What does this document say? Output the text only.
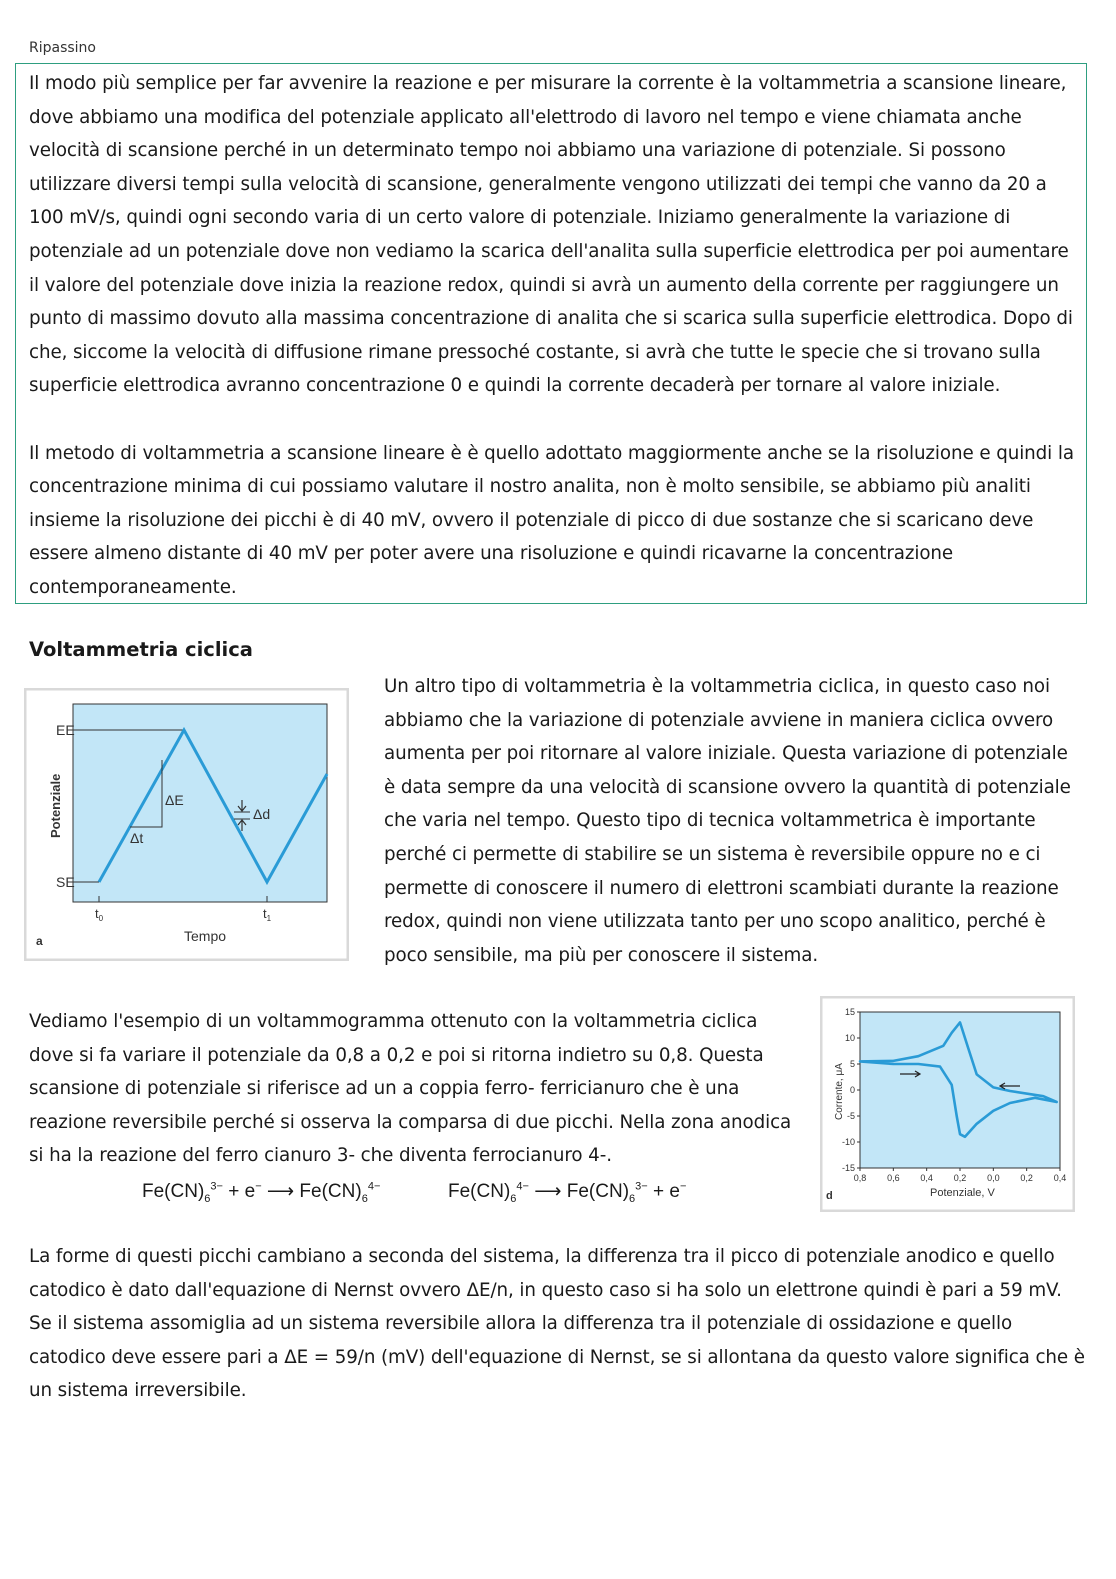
Ripassino

Il modo più semplice per far avvenire la reazione e per misurare la corrente è la voltammetria a scansione lineare, dove abbiamo una modifica del potenziale applicato all'elettrodo di lavoro nel tempo e viene chiamata anche velocità di scansione perché in un determinato tempo noi abbiamo una variazione di potenziale. Si possono utilizzare diversi tempi sulla velocità di scansione, generalmente vengono utilizzati dei tempi che vanno da 20 a 100 mV/s, quindi ogni secondo varia di un certo valore di potenziale. Iniziamo generalmente la variazione di potenziale ad un potenziale dove non vediamo la scarica dell'analita sulla superficie elettrodica per poi aumentare il valore del potenziale dove inizia la reazione redox, quindi si avrà un aumento della corrente per raggiungere un punto di massimo dovuto alla massima concentrazione di analita che si scarica sulla superficie elettrodica. Dopo di che, siccome la velocità di diffusione rimane pressoché costante, si avrà che tutte le specie che si trovano sulla superficie elettrodica avranno concentrazione 0 e quindi la corrente decaderà per tornare al valore iniziale.

Il metodo di voltammetria a scansione lineare è è quello adottato maggiormente anche se la risoluzione e quindi la concentrazione minima di cui possiamo valutare il nostro analita, non è molto sensibile, se abbiamo più analiti insieme la risoluzione dei picchi è di 40 mV, ovvero il potenziale di picco di due sostanze che si scaricano deve essere almeno distante di 40 mV per poter avere una risoluzione e quindi ricavarne la concentrazione contemporaneamente.

Voltammetria ciclica
EE
SE
ΔE
Δt
Δd
$t_0$	$t_1$
Tempo
Potenziale
a

Un altro tipo di voltammetria è la voltammetria ciclica, in questo caso noi abbiamo che la variazione di potenziale avviene in maniera ciclica ovvero aumenta per poi ritornare al valore iniziale. Questa variazione di potenziale è data sempre da una velocità di scansione ovvero la quantità di potenziale che varia nel tempo. Questo tipo di tecnica voltammetrica è importante perché ci permette di stabilire se un sistema è reversibile oppure no e ci permette di conoscere il numero di elettroni scambiati durante la reazione redox, quindi non viene utilizzata tanto per uno scopo analitico, perché è poco sensibile, ma più per conoscere il sistema.

Vediamo l'esempio di un voltammogramma ottenuto con la voltammetria ciclica dove si fa variare il potenziale da 0,8 a 0,2 e poi si ritorna indietro su 0,8. Questa scansione di potenziale si riferisce ad un a coppia ferro- ferricianuro che è una reazione reversibile perché si osserva la comparsa di due picchi. Nella zona anodica si ha la reazione del ferro cianuro 3- che diventa ferrocianuro 4-.

15
10
5
0
-5
-10
-15
0,8 0,6 0,4 0,2 0,0 0,2 0,4
Corrente, μA
Potenziale, V
d
$Fe(CN)_6^{3-} + e^-$ ⟶ $Fe(CN)_6^{4-}$	$Fe(CN)_6^{4-}$ ⟶ $Fe(CN)_6^{3-} + e^-$

La forme di questi picchi cambiano a seconda del sistema, la differenza tra il picco di potenziale anodico e quello catodico è dato dall'equazione di Nernst ovvero ΔE/n, in questo caso si ha solo un elettrone quindi è pari a 59 mV. Se il sistema assomiglia ad un sistema reversibile allora la differenza tra il potenziale di ossidazione e quello catodico deve essere pari a ΔE = 59/n (mV) dell'equazione di Nernst, se si allontana da questo valore significa che è un sistema irreversibile.
